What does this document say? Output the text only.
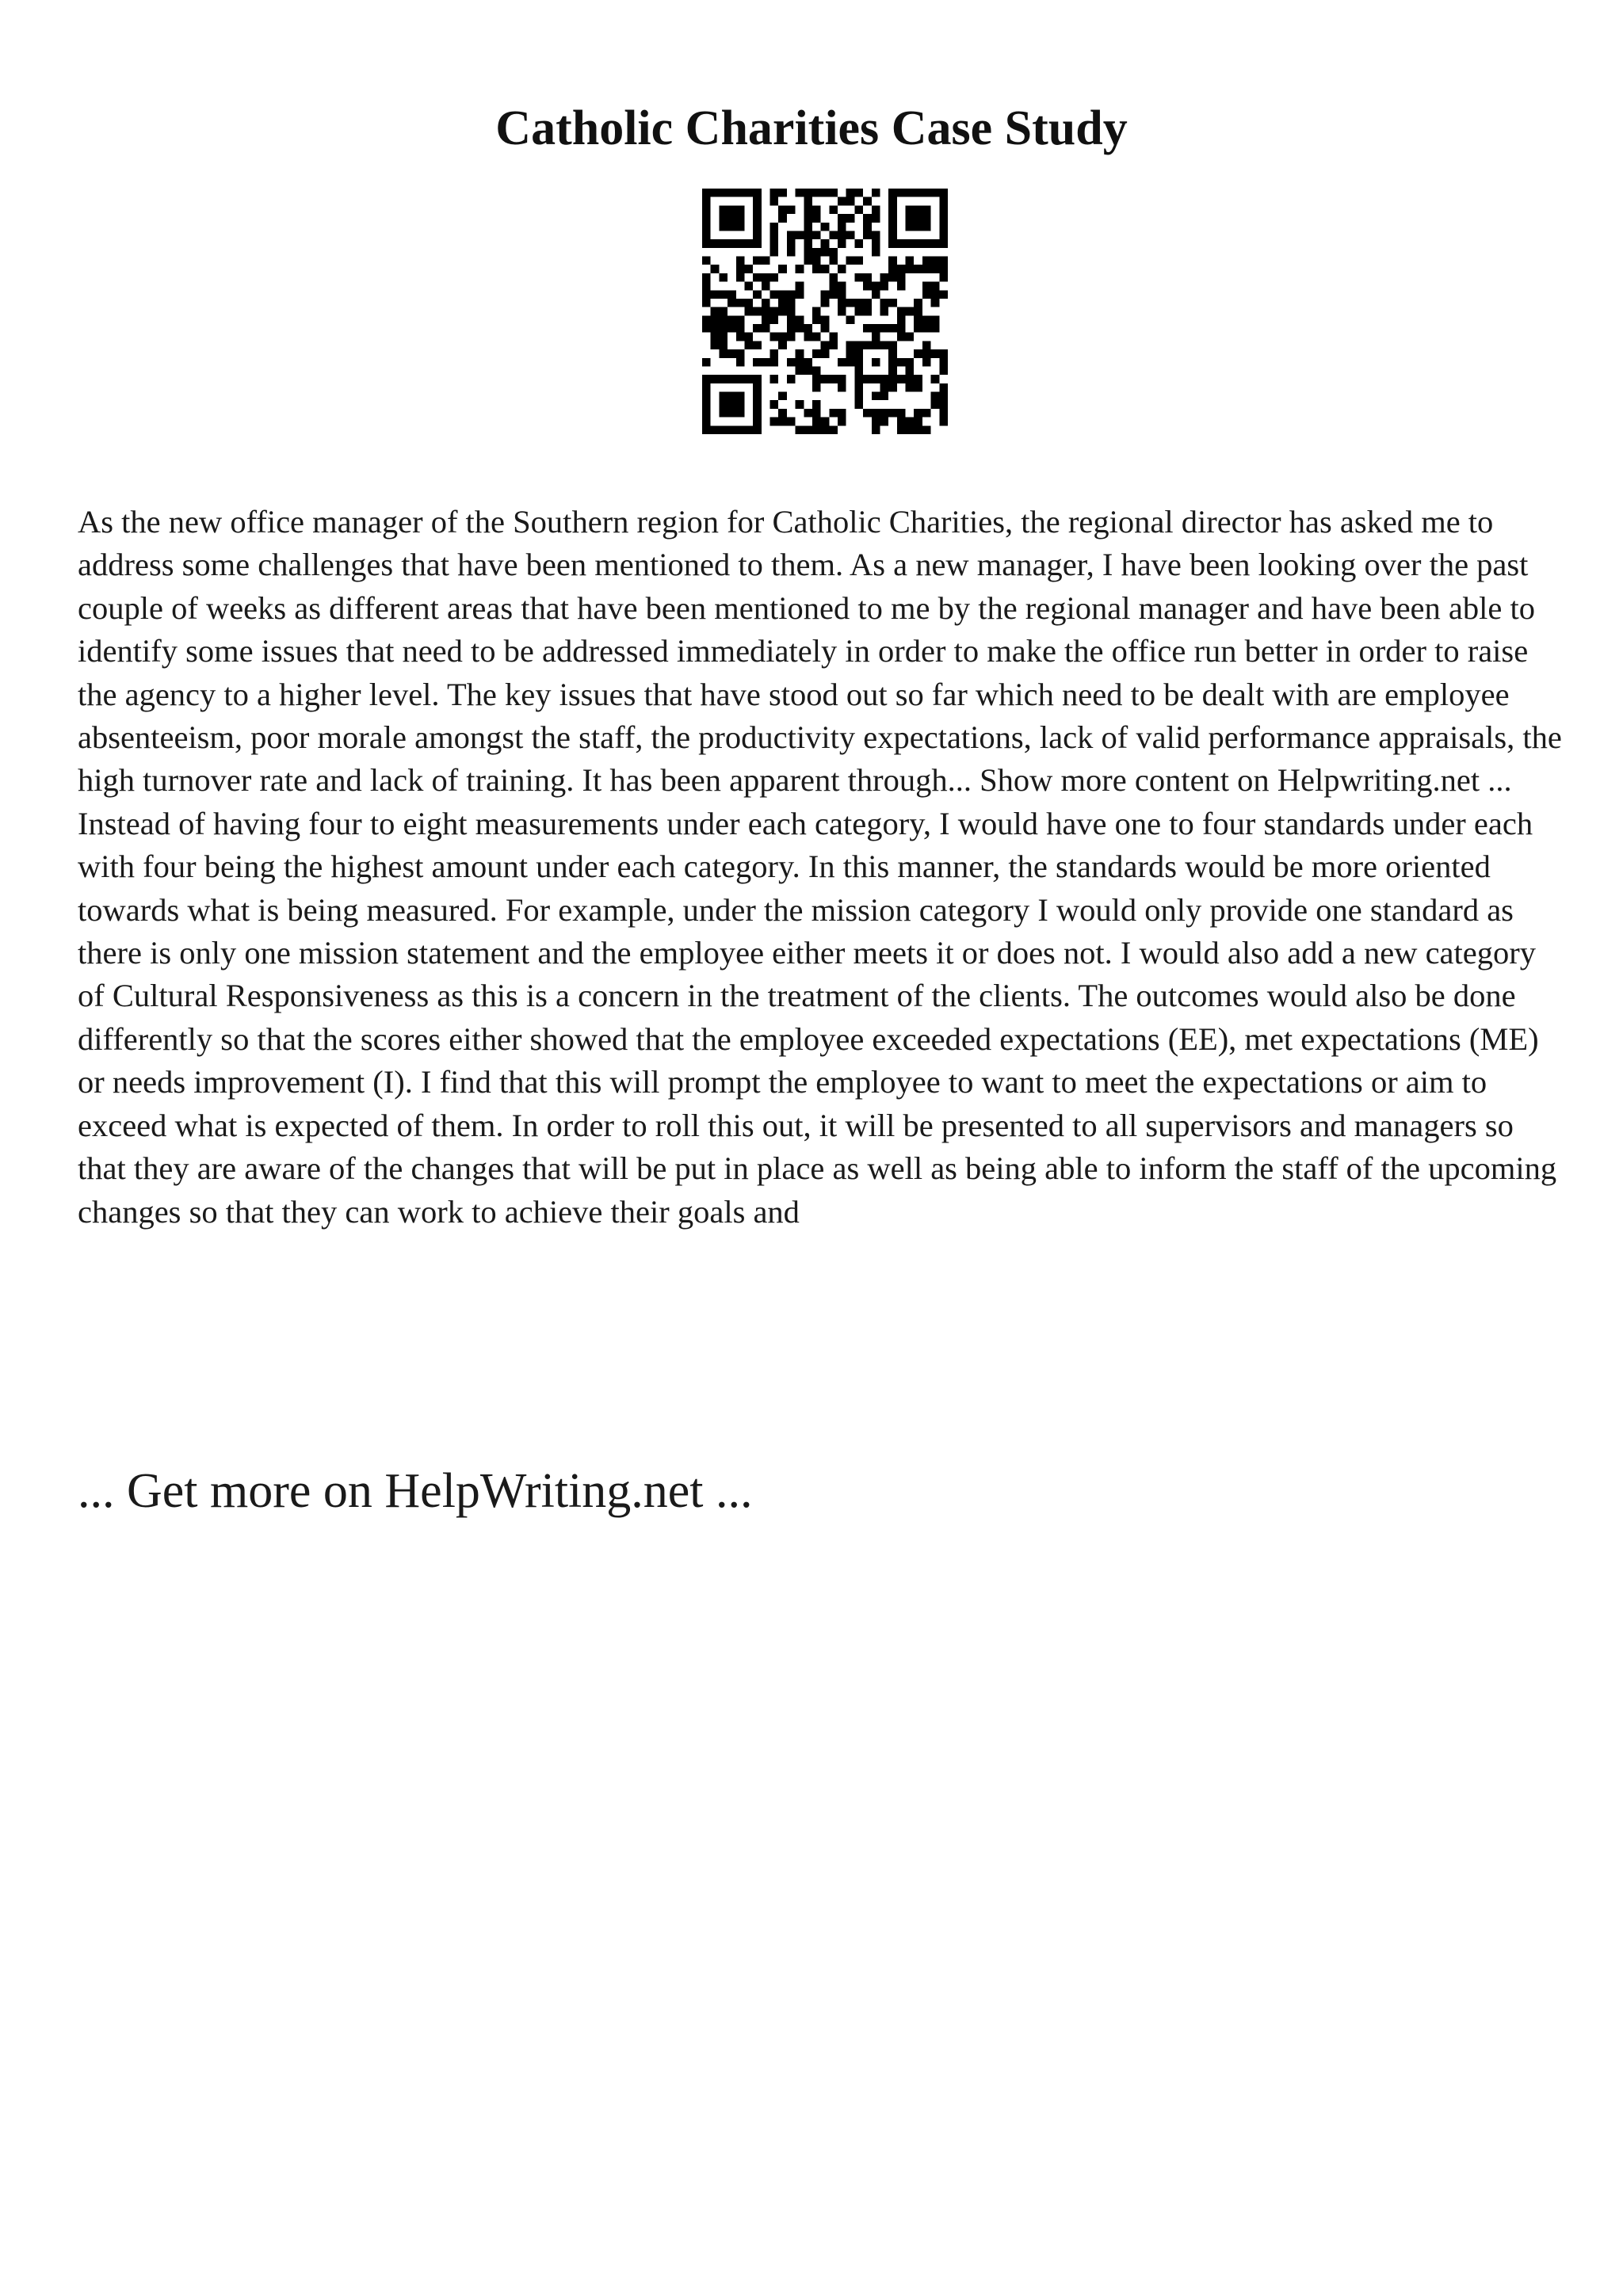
Catholic Charities Case Study

As the new office manager of the Southern region for Catholic Charities, the regional director has asked me to address some challenges that have been mentioned to them. As a new manager, I have been looking over the past couple of weeks as different areas that have been mentioned to me by the regional manager and have been able to identify some issues that need to be addressed immediately in order to make the office run better in order to raise the agency to a higher level. The key issues that have stood out so far which need to be dealt with are employee absenteeism, poor morale amongst the staff, the productivity expectations, lack of valid performance appraisals, the high turnover rate and lack of training. It has been apparent through... Show more content on Helpwriting.net ...

Instead of having four to eight measurements under each category, I would have one to four standards under each with four being the highest amount under each category. In this manner, the standards would be more oriented towards what is being measured. For example, under the mission category I would only provide one standard as there is only one mission statement and the employee either meets it or does not. I would also add a new category of Cultural Responsiveness as this is a concern in the treatment of the clients. The outcomes would also be done differently so that the scores either showed that the employee exceeded expectations (EE), met expectations (ME) or needs improvement (I). I find that this will prompt the employee to want to meet the expectations or aim to exceed what is expected of them. In order to roll this out, it will be presented to all supervisors and managers so that they are aware of the changes that will be put in place as well as being able to inform the staff of the upcoming changes so that they can work to achieve their goals and

... Get more on HelpWriting.net ...
